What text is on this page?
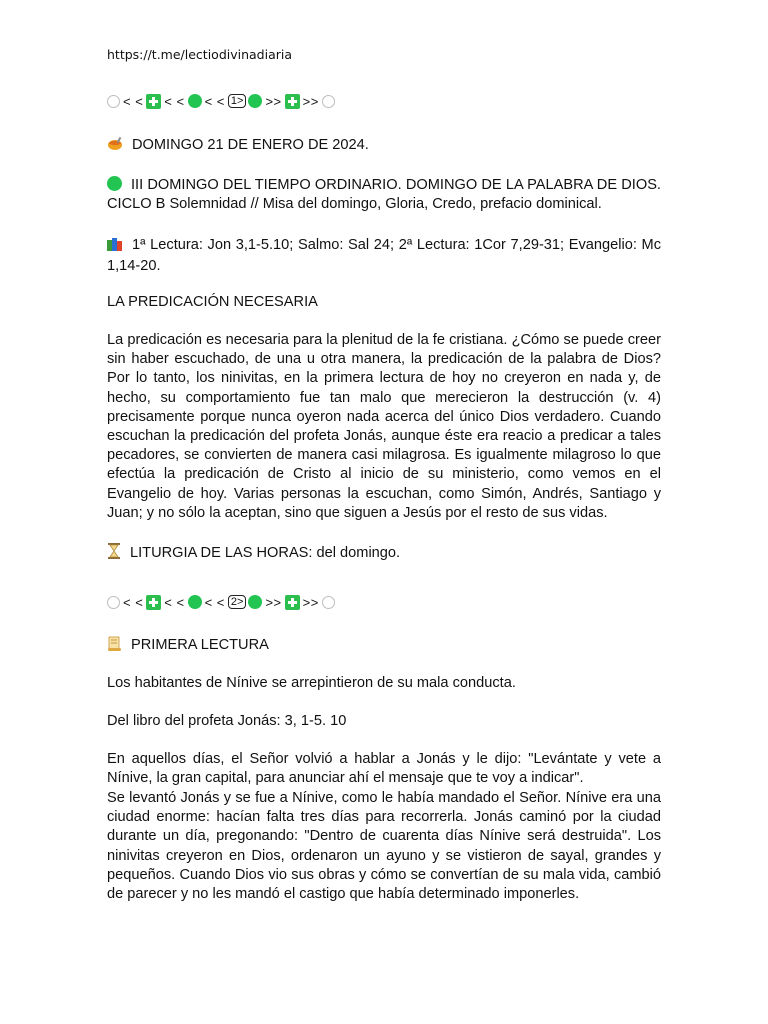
https://t.me/lectiodivinadiaria
< < < < < < 1> >> >>

DOMINGO 21 DE ENERO DE 2024.

III DOMINGO DEL TIEMPO ORDINARIO. DOMINGO DE LA PALABRA DE DIOS. CICLO B Solemnidad // Misa del domingo, Gloria, Credo, prefacio dominical.

1ª Lectura: Jon 3,1-5.10; Salmo: Sal 24; 2ª Lectura: 1Cor 7,29-31; Evangelio: Mc 1,14-20.

LA PREDICACIÓN NECESARIA

La predicación es necesaria para la plenitud de la fe cristiana. ¿Cómo se puede creer sin haber escuchado, de una u otra manera, la predicación de la palabra de Dios? Por lo tanto, los ninivitas, en la primera lectura de hoy no creyeron en nada y, de hecho, su comportamiento fue tan malo que merecieron la destrucción (v. 4) precisamente porque nunca oyeron nada acerca del único Dios verdadero. Cuando escuchan la predicación del profeta Jonás, aunque éste era reacio a predicar a tales pecadores, se convierten de manera casi milagrosa. Es igualmente milagroso lo que efectúa la predicación de Cristo al inicio de su ministerio, como vemos en el Evangelio de hoy. Varias personas la escuchan, como Simón, Andrés, Santiago y Juan; y no sólo la aceptan, sino que siguen a Jesús por el resto de sus vidas.

LITURGIA DE LAS HORAS: del domingo.

< < < < < < 2> >> >>

PRIMERA LECTURA

Los habitantes de Nínive se arrepintieron de su mala conducta.

Del libro del profeta Jonás: 3, 1-5. 10

En aquellos días, el Señor volvió a hablar a Jonás y le dijo: "Levántate y vete a Nínive, la gran capital, para anunciar ahí el mensaje que te voy a indicar".

Se levantó Jonás y se fue a Nínive, como le había mandado el Señor. Nínive era una ciudad enorme: hacían falta tres días para recorrerla. Jonás caminó por la ciudad durante un día, pregonando: "Dentro de cuarenta días Nínive será destruida". Los ninivitas creyeron en Dios, ordenaron un ayuno y se vistieron de sayal, grandes y pequeños. Cuando Dios vio sus obras y cómo se convertían de su mala vida, cambió de parecer y no les mandó el castigo que había determinado imponerles.
